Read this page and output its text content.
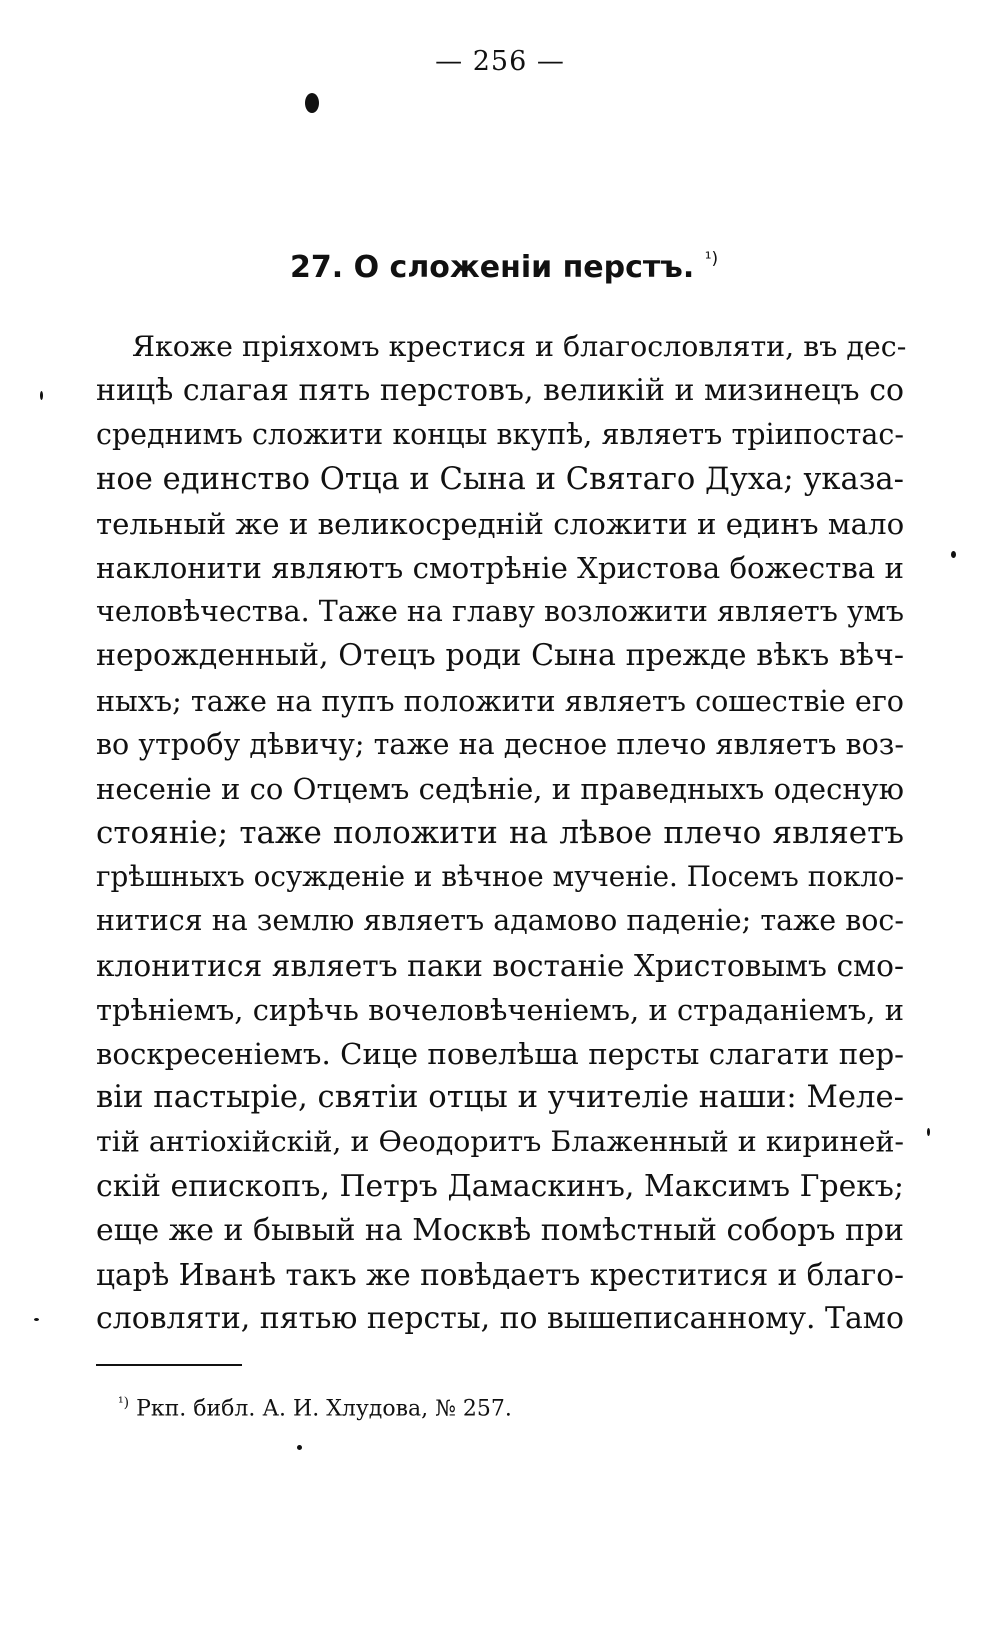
— 256 —
27. О сложеніи перстъ. $^{^1)}$
Якоже пріяхомъ крестися и благословляти, въ дес-
ницѣ слагая пять перстовъ, великій и мизинецъ со
среднимъ сложити концы вкупѣ, являетъ тріипостас-
ное единство Отца и Сына и Святаго Духа; указа-
тельный же и великосредній сложити и единъ мало
наклонити являютъ смотрѣніе Христова божества и
человѣчества. Таже на главу возложити являетъ умъ
нерожденный, Отецъ роди Сына прежде вѣкъ вѣч-
ныхъ; таже на пупъ положити являетъ сошествіе его
во утробу дѣвичу; таже на десное плечо являетъ воз-
несеніе и со Отцемъ седѣніе, и праведныхъ одесную
стояніе; таже положити на лѣвое плечо являетъ
грѣшныхъ осужденіе и вѣчное мученіе. Посемъ покло-
нитися на землю являетъ адамово паденіе; таже вос-
клонитися являетъ паки востаніе Христовымъ смо-
трѣніемъ, сирѣчь вочеловѣченіемъ, и страданіемъ, и
воскресеніемъ. Сице повелѣша персты слагати пер-
віи пастыріе, святіи отцы и учителіе наши: Меле-
тій антіохійскій, и Ѳеодоритъ Блаженный и кириней-
скій епископъ, Петръ Дамаскинъ, Максимъ Грекъ;
еще же и бывый на Москвѣ помѣстный соборъ при
царѣ Иванѣ такъ же повѣдаетъ креститися и благо-
словляти, пятью персты, по вышеписанному. Тамо
$^{^1)}$ Ркп. библ. А. И. Хлудова, № 257.
